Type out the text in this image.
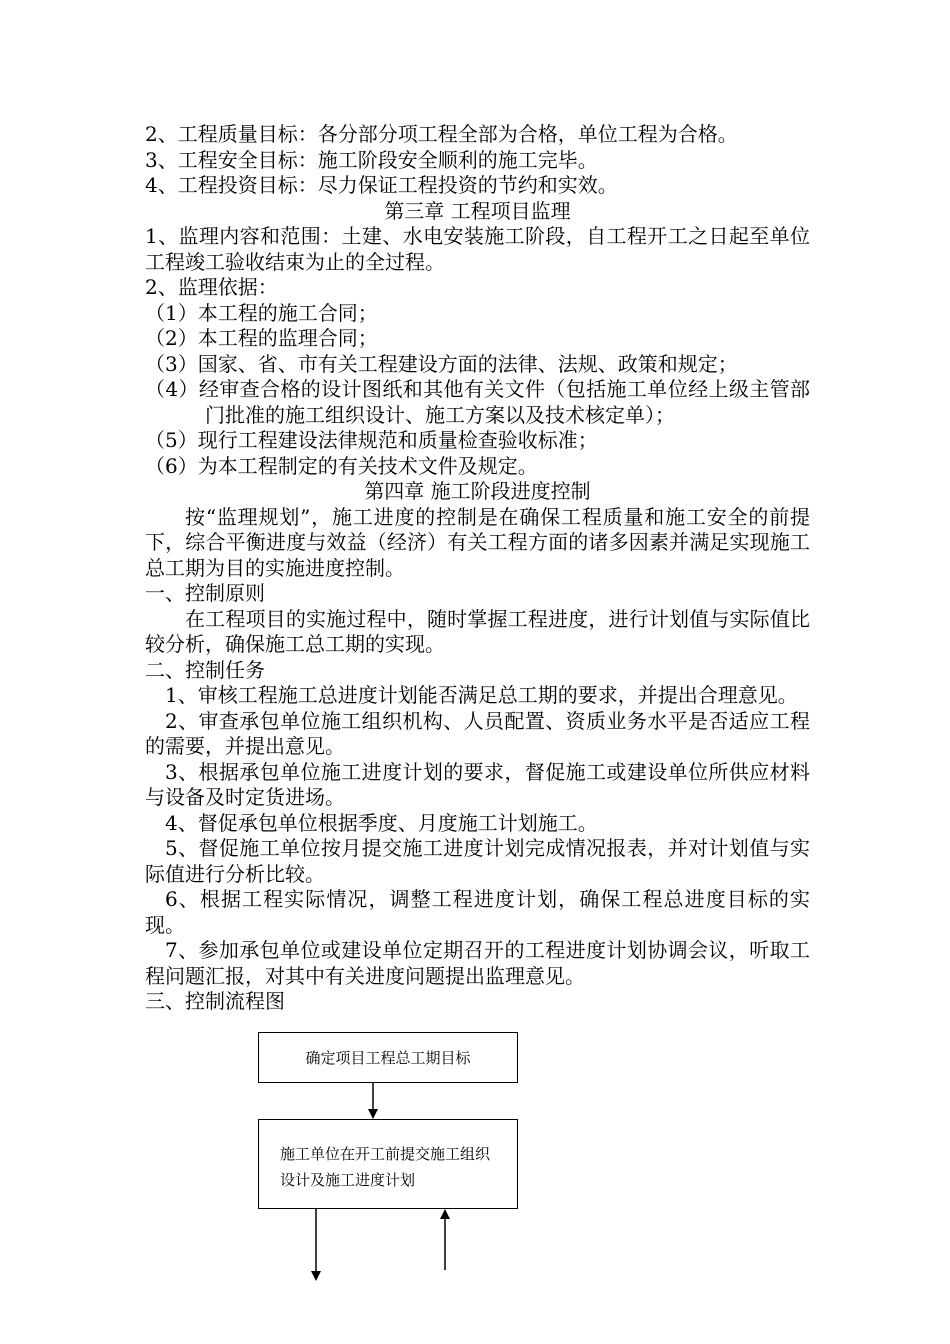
2、工程质量目标：各分部分项工程全部为合格，单位工程为合格。

3、工程安全目标：施工阶段安全顺利的施工完毕。

4、工程投资目标：尽力保证工程投资的节约和实效。

第三章 工程项目监理

1、监理内容和范围：土建、水电安装施工阶段，自工程开工之日起至单位工程竣工验收结束为止的全过程。

2、监理依据：

（1）本工程的施工合同；

（2）本工程的监理合同；

（3）国家、省、市有关工程建设方面的法律、法规、政策和规定；

（4）经审查合格的设计图纸和其他有关文件（包括施工单位经上级主管部门批准的施工组织设计、施工方案以及技术核定单）；

（5）现行工程建设法律规范和质量检查验收标准；

（6）为本工程制定的有关技术文件及规定。

第四章 施工阶段进度控制

按“监理规划”，施工进度的控制是在确保工程质量和施工安全的前提下，综合平衡进度与效益（经济）有关工程方面的诸多因素并满足实现施工总工期为目的实施进度控制。

一、控制原则

在工程项目的实施过程中，随时掌握工程进度，进行计划值与实际值比较分析，确保施工总工期的实现。

二、控制任务

1、审核工程施工总进度计划能否满足总工期的要求，并提出合理意见。

2、审查承包单位施工组织机构、人员配置、资质业务水平是否适应工程的需要，并提出意见。

3、根据承包单位施工进度计划的要求，督促施工或建设单位所供应材料与设备及时定货进场。

4、督促承包单位根据季度、月度施工计划施工。

5、督促施工单位按月提交施工进度计划完成情况报表，并对计划值与实际值进行分析比较。

6、根据工程实际情况，调整工程进度计划，确保工程总进度目标的实现。

7、参加承包单位或建设单位定期召开的工程进度计划协调会议，听取工程问题汇报，对其中有关进度问题提出监理意见。

三、控制流程图

确定项目工程总工期目标
施工单位在开工前提交施工组织设计及施工进度计划
